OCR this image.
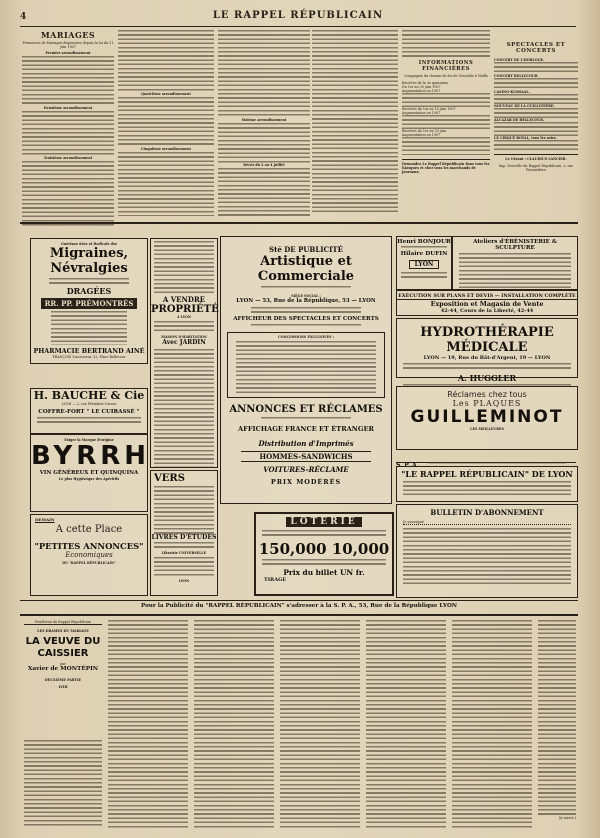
4	LE RAPPEL RÉPUBLICAIN
MARIAGES
Promesses de Mariages dispensées depuis la loi du 21 juin 1907
Premier arrondissement
Deuxième arrondissement
Troisième arrondissement
Quatrième arrondissement
Cinquième arrondissement
Sixième arrondissement
Décès du 2 au 4 juillet
INFORMATIONS FINANCIÈRES
Compagnie du chemin de fer de Grenoble à Vizille
Recettes de la 3e quinzaine
Du 1er au 30 juin 1907
Augmentation en 1907
Recettes du 1er au 10 juin 1907
Augmentation en 1907
Recettes du 1er au 20 juin
Augmentation en 1907
Demandez Le Rappel Républicain dans tous les Kiosques et chez tous les marchands de journaux.
SPECTACLES ET CONCERTS
CONCERT DE L'HORLOGE.
CONCERT BELLECOUR.
CASINO-KURSAAL.
NOUVEAU DE LA GUILLOTIÈRE.
ALCAZAR DE BELLECOUR.
LE CIRQUE ROYAL, tous les soirs.
Le Gérant : CLAUDIUS LANCIER.
Imp. Nouvelle du Rappel Républicain, 2, rue Ferrandière
Guérison Sûre et Radicale des
Migraines, Névralgies
DRAGÉES
RR. PP. PRÉMONTRÉS
PHARMACIE BERTRAND AINÉ
FRANÇOIS Successeur, 32, Place Bellecour
H. BAUCHE & Cie
LYON — 2, rue Président-Carnot
COFFRE-FORT " LE CUIRASSÉ "
Exiger la Marque d'origine
BYRRH
VIN GÉNÉREUX ET QUINQUINA
Le plus Hygiénique des Apéritifs
DEMAIN
A cette Place
"PETITES ANNONCES"
Economiques
DU "RAPPEL RÉPUBLICAIN"
A VENDRE
PROPRIÉTÉ
A LYON
MAISON D'HABITATION
Avec JARDIN
VERS
LIVRES D'ÉTUDES
Librairie UNIVERSELLE
LYON
Sté DE PUBLICITÉ
Artistique et Commerciale
SIÈGE SOCIAL :
LYON — 53, Rue de la République, 53 — LYON
AFFICHEUR DES SPECTACLES ET CONCERTS
CONCESSIONS EXCLUSIVES :
ANNONCES ET RÉCLAMES
AFFICHAGE FRANCE ET ÉTRANGER
Distribution d'Imprimés
HOMMES-SANDWICHS
VOITURES-RÉCLAME
PRIX MODÉRÉS
LOTERIE
150,000 10,000
Prix du billet UN fr.
TIRAGE
Henri BONJOUR
Hilaire DUFIN
LYON
Ateliers d'ÉBÉNISTERIE & SCULPTURE
EXÉCUTION SUR PLANS ET DEVIS — INSTALLATION COMPLÈTE
Exposition et Magasin de Vente
42-44, Cours de la Liberté, 42-44
HYDROTHÉRAPIE MÉDICALE
LYON — 19, Rue du Bât-d'Argent, 19 — LYON
A. HUGGLER
Réclames chez tous
Les PLAQUES
GUILLEMINOT
LES MEILLEURES
S. P. A.
"LE RAPPEL RÉPUBLICAIN" DE LYON
BULLETIN D'ABONNEMENT
Je soussigné
Pour la Publicité du "RAPPEL RÉPUBLICAIN" s'adresser à la S. P. A., 53, Rue de la République LYON
Feuilleton du Rappel Républicain
LES DRAMES DU MARIAGE
LA VEUVE DU CAISSIER
par
Xavier de MONTÉPIN
DEUXIÈME PARTIE
LVIII
(A suivre.)
